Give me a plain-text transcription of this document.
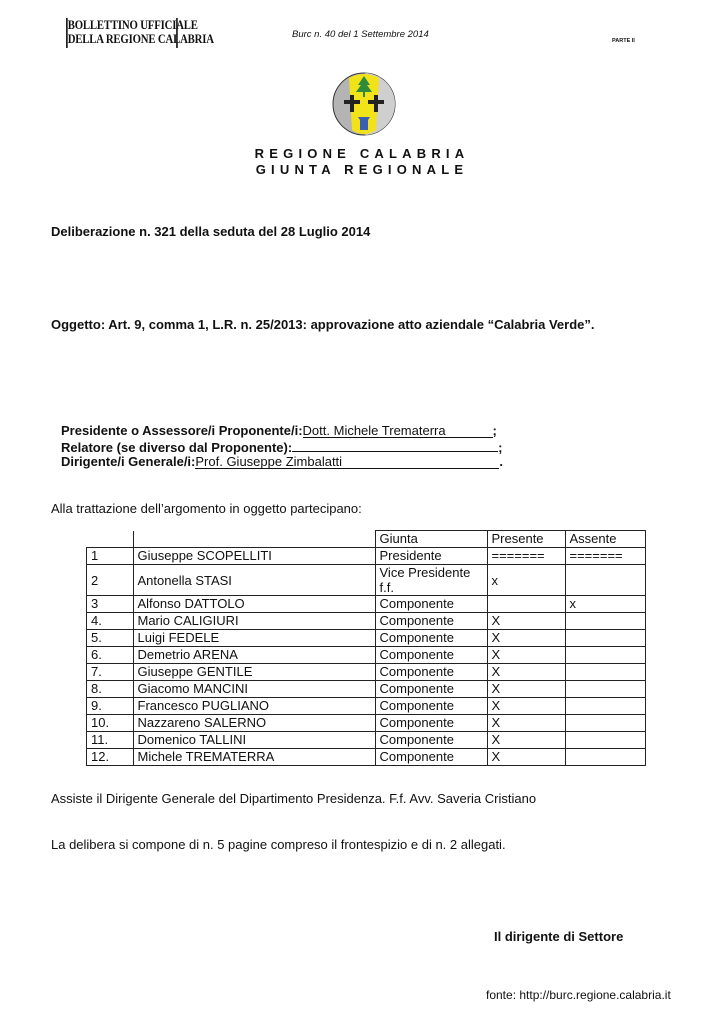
BOLLETTINO UFFICIALE
DELLA REGIONE CALABRIA	Burc n. 40 del 1 Settembre 2014
PARTE II
REGIONE CALABRIA
GIUNTA REGIONALE
Deliberazione n. 321 della seduta del 28 Luglio 2014
Oggetto: Art. 9, comma 1, L.R. n. 25/2013: approvazione atto aziendale “Calabria Verde”.
Presidente o Assessore/i Proponente/i:Dott. Michele Trematerra	;
Relatore (se diverso dal Proponente):	;
Dirigente/i Generale/i:Prof. Giuseppe Zimbalatti	.
Alla trattazione dell’argomento in oggetto partecipano:
		Giunta	Presente	Assente
1	Giuseppe SCOPELLITI	Presidente	=======	=======
2	Antonella STASI	Vice Presidente f.f.	x	
3	Alfonso DATTOLO	Componente		x
4.	Mario CALIGIURI	Componente	X	
5.	Luigi FEDELE	Componente	X	
6.	Demetrio ARENA	Componente	X	
7.	Giuseppe GENTILE	Componente	X	
8.	Giacomo MANCINI	Componente	X	
9.	Francesco PUGLIANO	Componente	X	
10.	Nazzareno SALERNO	Componente	X	
11.	Domenico TALLINI	Componente	X	
12.	Michele TREMATERRA	Componente	X	
Assiste il Dirigente Generale del Dipartimento Presidenza. F.f. Avv. Saveria Cristiano
La delibera si compone di n. 5 pagine compreso il frontespizio e di n. 2 allegati.
Il dirigente di Settore
fonte: http://burc.regione.calabria.it
